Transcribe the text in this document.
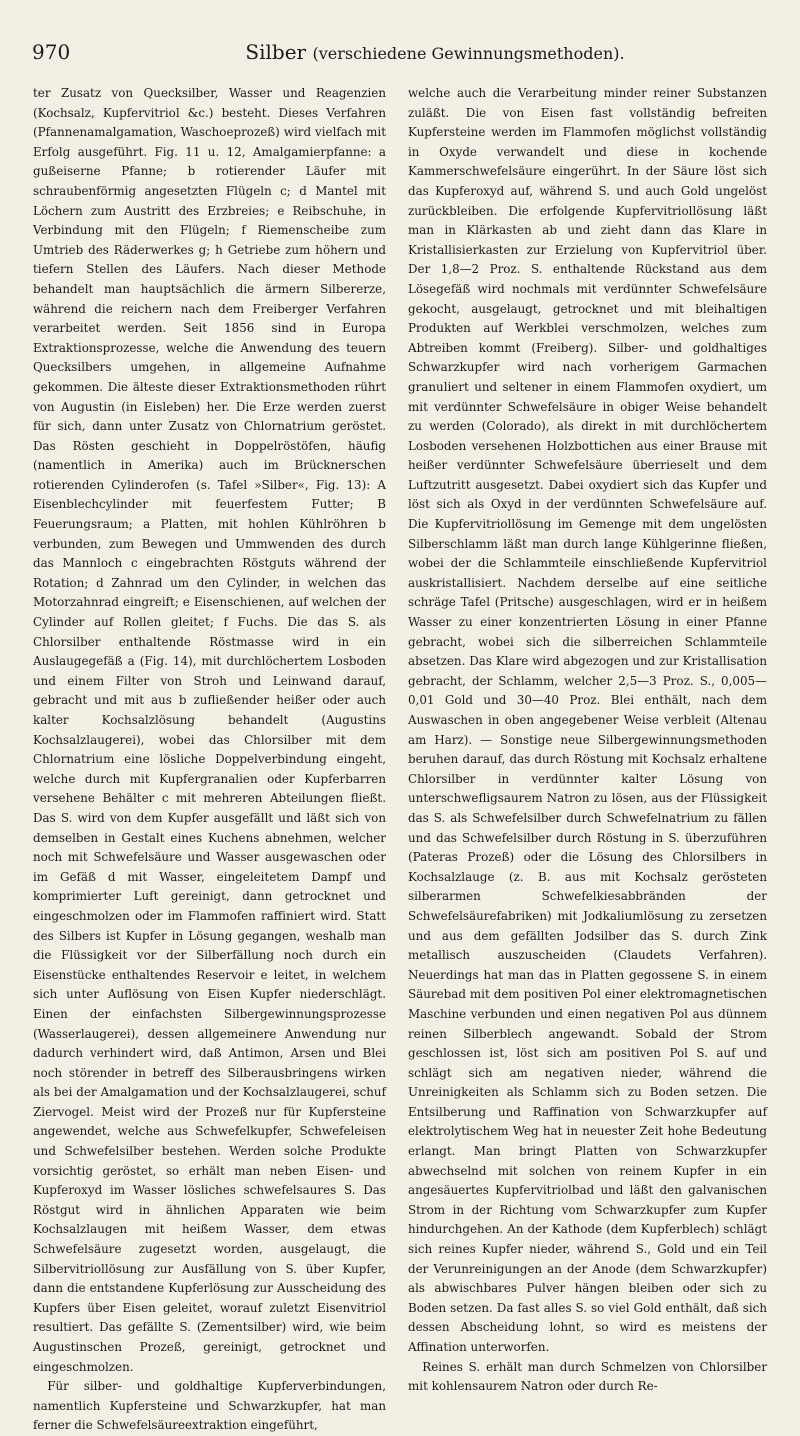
970	Silber (verschiedene Gewinnungsmethoden).

ter Zusatz von Quecksilber, Wasser und Reagenzien (Kochsalz, Kupfervitriol &c.) besteht. Dieses Verfahren (Pfannenamalgamation, Waschoeprozeß) wird vielfach mit Erfolg ausgeführt. Fig. 11 u. 12, Amalgamierpfanne: a gußeiserne Pfanne; b rotierender Läufer mit schraubenförmig angesetzten Flügeln c; d Mantel mit Löchern zum Austritt des Erzbreies; e Reibschuhe, in Verbindung mit den Flügeln; f Riemenscheibe zum Umtrieb des Räderwerkes g; h Getriebe zum höhern und tiefern Stellen des Läufers. Nach dieser Methode behandelt man hauptsächlich die ärmern Silbererze, während die reichern nach dem Freiberger Verfahren verarbeitet werden. Seit 1856 sind in Europa Extraktionsprozesse, welche die Anwendung des teuern Quecksilbers umgehen, in allgemeine Aufnahme gekommen. Die älteste dieser Extraktionsmethoden rührt von Augustin (in Eisleben) her. Die Erze werden zuerst für sich, dann unter Zusatz von Chlornatrium geröstet. Das Rösten geschieht in Doppelröstöfen, häufig (namentlich in Amerika) auch im Brücknerschen rotierenden Cylinderofen (s. Tafel »Silber«, Fig. 13): A Eisenblechcylinder mit feuerfestem Futter; B Feuerungsraum; a Platten, mit hohlen Kühlröhren b verbunden, zum Bewegen und Ummwenden des durch das Mannloch c eingebrachten Röstguts während der Rotation; d Zahnrad um den Cylinder, in welchen das Motorzahnrad eingreift; e Eisenschienen, auf welchen der Cylinder auf Rollen gleitet; f Fuchs. Die das S. als Chlorsilber enthaltende Röstmasse wird in ein Auslaugegefäß a (Fig. 14), mit durchlöchertem Losboden und einem Filter von Stroh und Leinwand darauf, gebracht und mit aus b zufließender heißer oder auch kalter Kochsalzlösung behandelt (Augustins Kochsalzlaugerei), wobei das Chlorsilber mit dem Chlornatrium eine lösliche Doppelverbindung eingeht, welche durch mit Kupfergranalien oder Kupferbarren versehene Behälter c mit mehreren Abteilungen fließt. Das S. wird von dem Kupfer ausgefällt und läßt sich von demselben in Gestalt eines Kuchens abnehmen, welcher noch mit Schwefelsäure und Wasser ausgewaschen oder im Gefäß d mit Wasser, eingeleitetem Dampf und komprimierter Luft gereinigt, dann getrocknet und eingeschmolzen oder im Flammofen raffiniert wird. Statt des Silbers ist Kupfer in Lösung gegangen, weshalb man die Flüssigkeit vor der Silberfällung noch durch ein Eisenstücke enthaltendes Reservoir e leitet, in welchem sich unter Auflösung von Eisen Kupfer niederschlägt. Einen der einfachsten Silbergewinnungsprozesse (Wasserlaugerei), dessen allgemeinere Anwendung nur dadurch verhindert wird, daß Antimon, Arsen und Blei noch störender in betreff des Silberausbringens wirken als bei der Amalgamation und der Kochsalzlaugerei, schuf Ziervogel. Meist wird der Prozeß nur für Kupfersteine angewendet, welche aus Schwefelkupfer, Schwefeleisen und Schwefelsilber bestehen. Werden solche Produkte vorsichtig geröstet, so erhält man neben Eisen- und Kupferoxyd im Wasser lösliches schwefelsaures S. Das Röstgut wird in ähnlichen Apparaten wie beim Kochsalzlaugen mit heißem Wasser, dem etwas Schwefelsäure zugesetzt worden, ausgelaugt, die Silbervitriollösung zur Ausfällung von S. über Kupfer, dann die entstandene Kupferlösung zur Ausscheidung des Kupfers über Eisen geleitet, worauf zuletzt Eisenvitriol resultiert. Das gefällte S. (Zementsilber) wird, wie beim Augustinschen Prozeß, gereinigt, getrocknet und eingeschmolzen.

Für silber- und goldhaltige Kupferverbindungen, namentlich Kupfersteine und Schwarzkupfer, hat man ferner die Schwefelsäureextraktion eingeführt,

welche auch die Verarbeitung minder reiner Substanzen zuläßt. Die von Eisen fast vollständig befreiten Kupfersteine werden im Flammofen möglichst vollständig in Oxyde verwandelt und diese in kochende Kammerschwefelsäure eingerührt. In der Säure löst sich das Kupferoxyd auf, während S. und auch Gold ungelöst zurückbleiben. Die erfolgende Kupfervitriollösung läßt man in Klärkasten ab und zieht dann das Klare in Kristallisierkasten zur Erzielung von Kupfervitriol über. Der 1,8—2 Proz. S. enthaltende Rückstand aus dem Lösegefäß wird nochmals mit verdünnter Schwefelsäure gekocht, ausgelaugt, getrocknet und mit bleihaltigen Produkten auf Werkblei verschmolzen, welches zum Abtreiben kommt (Freiberg). Silber- und goldhaltiges Schwarzkupfer wird nach vorherigem Garmachen granuliert und seltener in einem Flammofen oxydiert, um mit verdünnter Schwefelsäure in obiger Weise behandelt zu werden (Colorado), als direkt in mit durchlöchertem Losboden versehenen Holzbottichen aus einer Brause mit heißer verdünnter Schwefelsäure überrieselt und dem Luftzutritt ausgesetzt. Dabei oxydiert sich das Kupfer und löst sich als Oxyd in der verdünnten Schwefelsäure auf. Die Kupfervitriollösung im Gemenge mit dem ungelösten Silberschlamm läßt man durch lange Kühlgerinne fließen, wobei der die Schlammteile einschließende Kupfervitriol auskristallisiert. Nachdem derselbe auf eine seitliche schräge Tafel (Pritsche) ausgeschlagen, wird er in heißem Wasser zu einer konzentrierten Lösung in einer Pfanne gebracht, wobei sich die silberreichen Schlammteile absetzen. Das Klare wird abgezogen und zur Kristallisation gebracht, der Schlamm, welcher 2,5—3 Proz. S., 0,005—0,01 Gold und 30—40 Proz. Blei enthält, nach dem Auswaschen in oben angegebener Weise verbleit (Altenau am Harz). — Sonstige neue Silbergewinnungsmethoden beruhen darauf, das durch Röstung mit Kochsalz erhaltene Chlorsilber in verdünnter kalter Lösung von unterschwefligsaurem Natron zu lösen, aus der Flüssigkeit das S. als Schwefelsilber durch Schwefelnatrium zu fällen und das Schwefelsilber durch Röstung in S. überzuführen (Pateras Prozeß) oder die Lösung des Chlorsilbers in Kochsalzlauge (z. B. aus mit Kochsalz gerösteten silberarmen Schwefelkiesabbränden der Schwefelsäurefabriken) mit Jodkaliumlösung zu zersetzen und aus dem gefällten Jodsilber das S. durch Zink metallisch auszuscheiden (Claudets Verfahren). Neuerdings hat man das in Platten gegossene S. in einem Säurebad mit dem positiven Pol einer elektromagnetischen Maschine verbunden und einen negativen Pol aus dünnem reinen Silberblech angewandt. Sobald der Strom geschlossen ist, löst sich am positiven Pol S. auf und schlägt sich am negativen nieder, während die Unreinigkeiten als Schlamm sich zu Boden setzen. Die Entsilberung und Raffination von Schwarzkupfer auf elektrolytischem Weg hat in neuester Zeit hohe Bedeutung erlangt. Man bringt Platten von Schwarzkupfer abwechselnd mit solchen von reinem Kupfer in ein angesäuertes Kupfervitriolbad und läßt den galvanischen Strom in der Richtung vom Schwarzkupfer zum Kupfer hindurchgehen. An der Kathode (dem Kupferblech) schlägt sich reines Kupfer nieder, während S., Gold und ein Teil der Verunreinigungen an der Anode (dem Schwarzkupfer) als abwischbares Pulver hängen bleiben oder sich zu Boden setzen. Da fast alles S. so viel Gold enthält, daß sich dessen Abscheidung lohnt, so wird es meistens der Affination unterworfen.

Reines S. erhält man durch Schmelzen von Chlorsilber mit kohlensaurem Natron oder durch Re-
